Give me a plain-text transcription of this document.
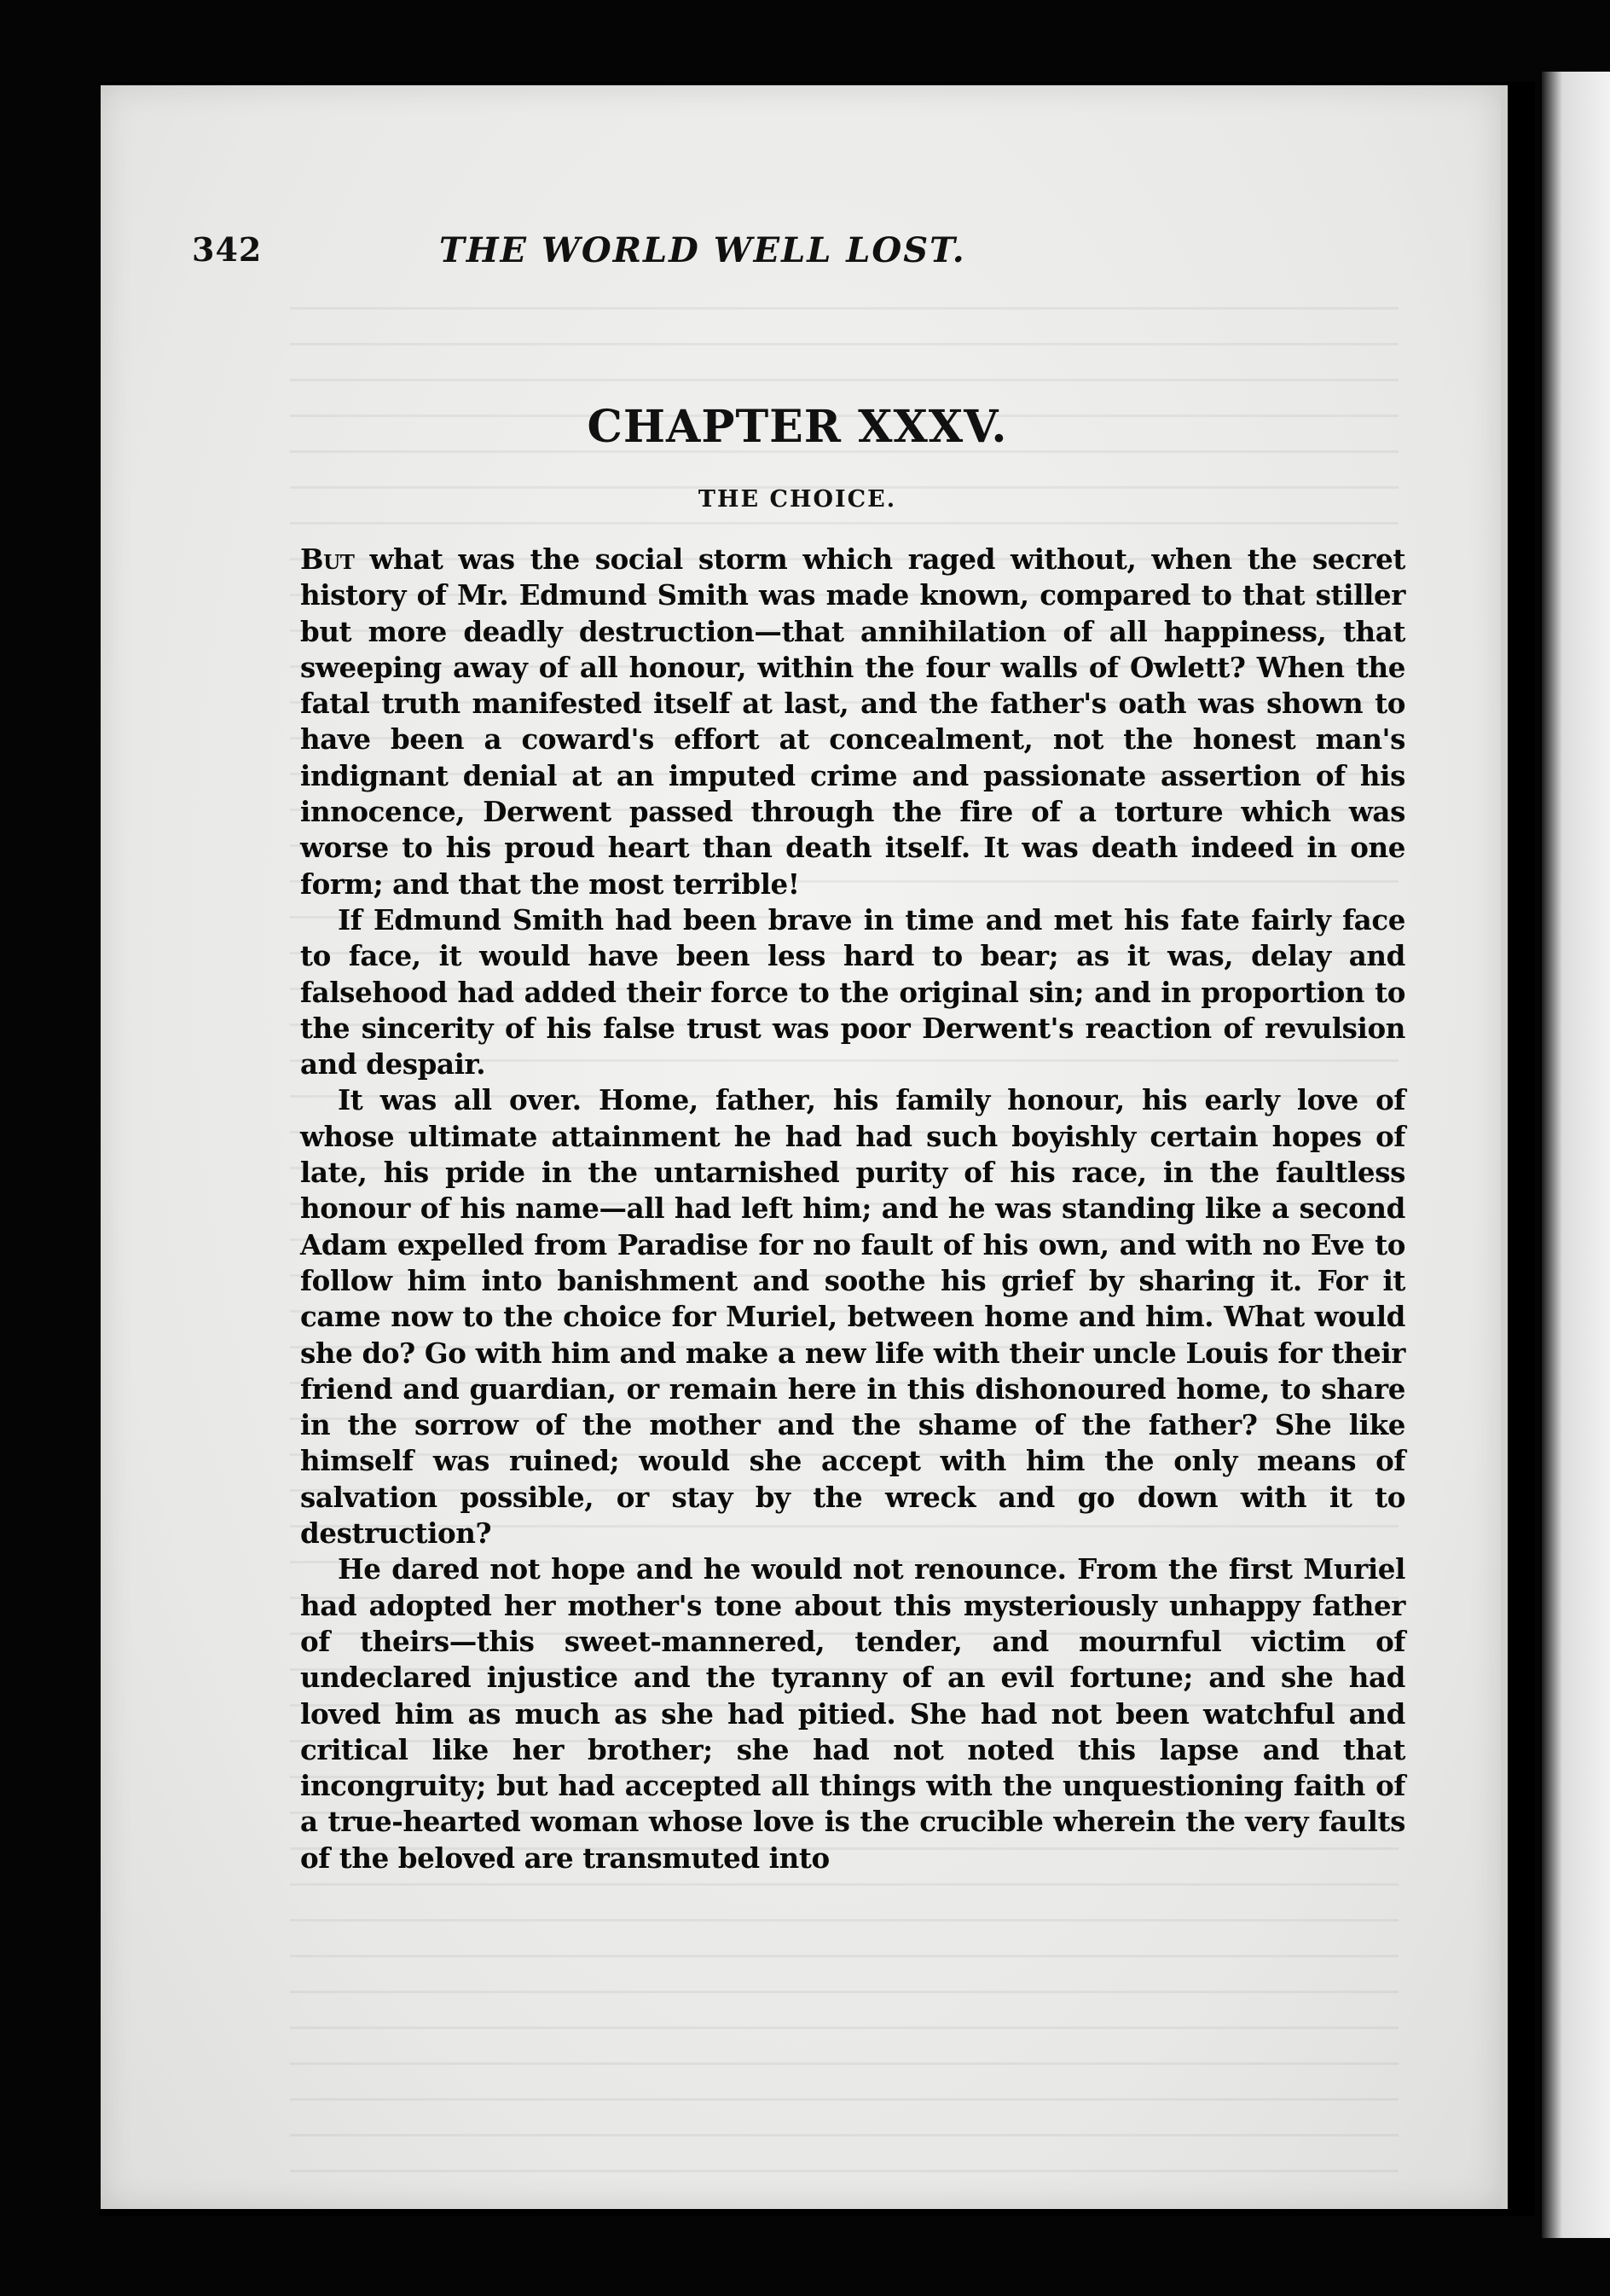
342	THE WORLD WELL LOST.
CHAPTER XXXV.
THE CHOICE.

But what was the social storm which raged without, when the secret history of Mr. Edmund Smith was made known, compared to that stiller but more deadly destruction—that annihilation of all happiness, that sweeping away of all honour, within the four walls of Owlett? When the fatal truth manifested itself at last, and the father's oath was shown to have been a coward's effort at concealment, not the honest man's indignant denial at an imputed crime and passionate assertion of his innocence, Derwent passed through the fire of a torture which was worse to his proud heart than death itself. It was death indeed in one form; and that the most terrible!

If Edmund Smith had been brave in time and met his fate fairly face to face, it would have been less hard to bear; as it was, delay and falsehood had added their force to the original sin; and in proportion to the sincerity of his false trust was poor Derwent's reaction of revulsion and despair.

It was all over. Home, father, his family honour, his early love of whose ultimate attainment he had had such boyishly certain hopes of late, his pride in the untarnished purity of his race, in the faultless honour of his name—all had left him; and he was standing like a second Adam expelled from Paradise for no fault of his own, and with no Eve to follow him into banishment and soothe his grief by sharing it. For it came now to the choice for Muriel, between home and him. What would she do? Go with him and make a new life with their uncle Louis for their friend and guardian, or remain here in this dishonoured home, to share in the sorrow of the mother and the shame of the father? She like himself was ruined; would she accept with him the only means of salvation possible, or stay by the wreck and go down with it to destruction?

He dared not hope and he would not renounce. From the first Muriel had adopted her mother's tone about this mysteriously unhappy father of theirs—this sweet-mannered, tender, and mournful victim of undeclared injustice and the tyranny of an evil fortune; and she had loved him as much as she had pitied. She had not been watchful and critical like her brother; she had not noted this lapse and that incongruity; but had accepted all things with the unquestioning faith of a true-hearted woman whose love is the crucible wherein the very faults of the beloved are transmuted into
